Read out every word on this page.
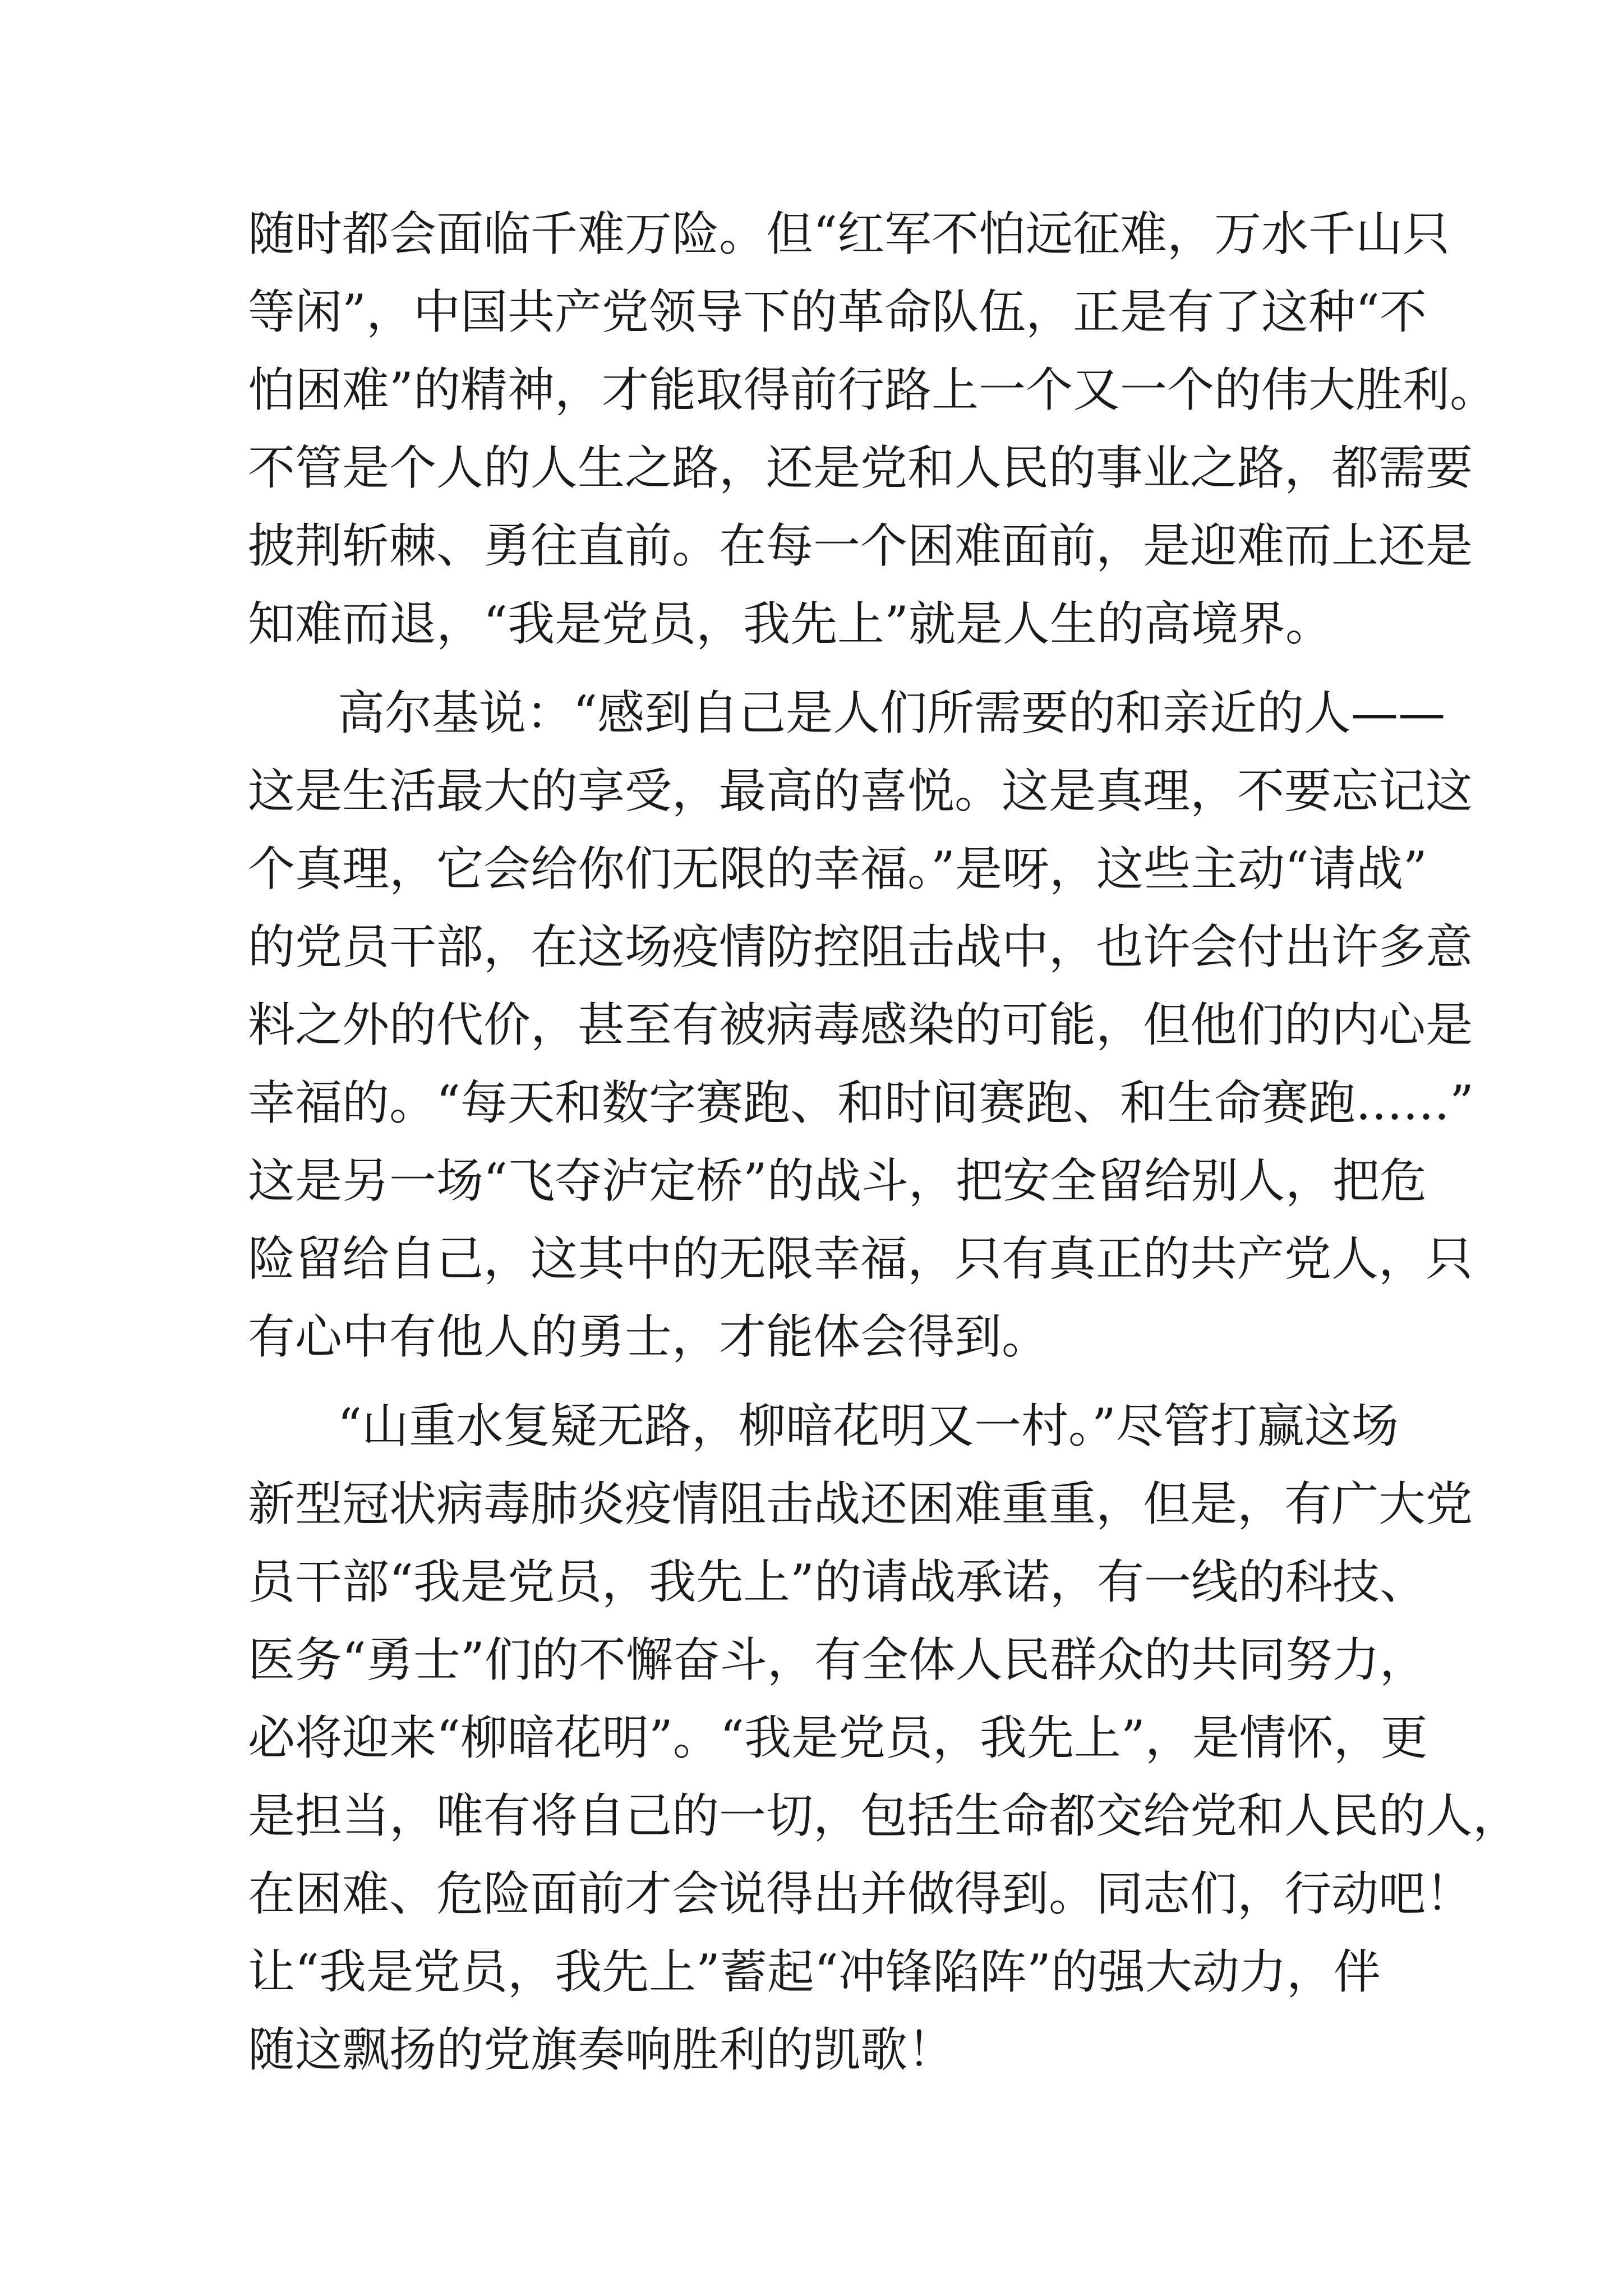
随时都会面临千难万险。但“红军不怕远征难，万水千山只
等闲”，中国共产党领导下的革命队伍，正是有了这种“不
怕困难”的精神，才能取得前行路上一个又一个的伟大胜利。
不管是个人的人生之路，还是党和人民的事业之路，都需要
披荆斩棘、勇往直前。在每一个困难面前，是迎难而上还是
知难而退，“我是党员，我先上”就是人生的高境界。
高尔基说：“感到自己是人们所需要的和亲近的人——
这是生活最大的享受，最高的喜悦。这是真理，不要忘记这
个真理，它会给你们无限的幸福。”是呀，这些主动“请战”
的党员干部，在这场疫情防控阻击战中，也许会付出许多意
料之外的代价，甚至有被病毒感染的可能，但他们的内心是
幸福的。“每天和数字赛跑、和时间赛跑、和生命赛跑……”
这是另一场“飞夺泸定桥”的战斗，把安全留给别人，把危
险留给自己，这其中的无限幸福，只有真正的共产党人，只
有心中有他人的勇士，才能体会得到。
“山重水复疑无路，柳暗花明又一村。”尽管打赢这场
新型冠状病毒肺炎疫情阻击战还困难重重，但是，有广大党
员干部“我是党员，我先上”的请战承诺，有一线的科技、
医务“勇士”们的不懈奋斗，有全体人民群众的共同努力，
必将迎来“柳暗花明”。“我是党员，我先上”，是情怀，更
是担当，唯有将自己的一切，包括生命都交给党和人民的人，
在困难、危险面前才会说得出并做得到。同志们，行动吧！
让“我是党员，我先上”蓄起“冲锋陷阵”的强大动力，伴
随这飘扬的党旗奏响胜利的凯歌！
